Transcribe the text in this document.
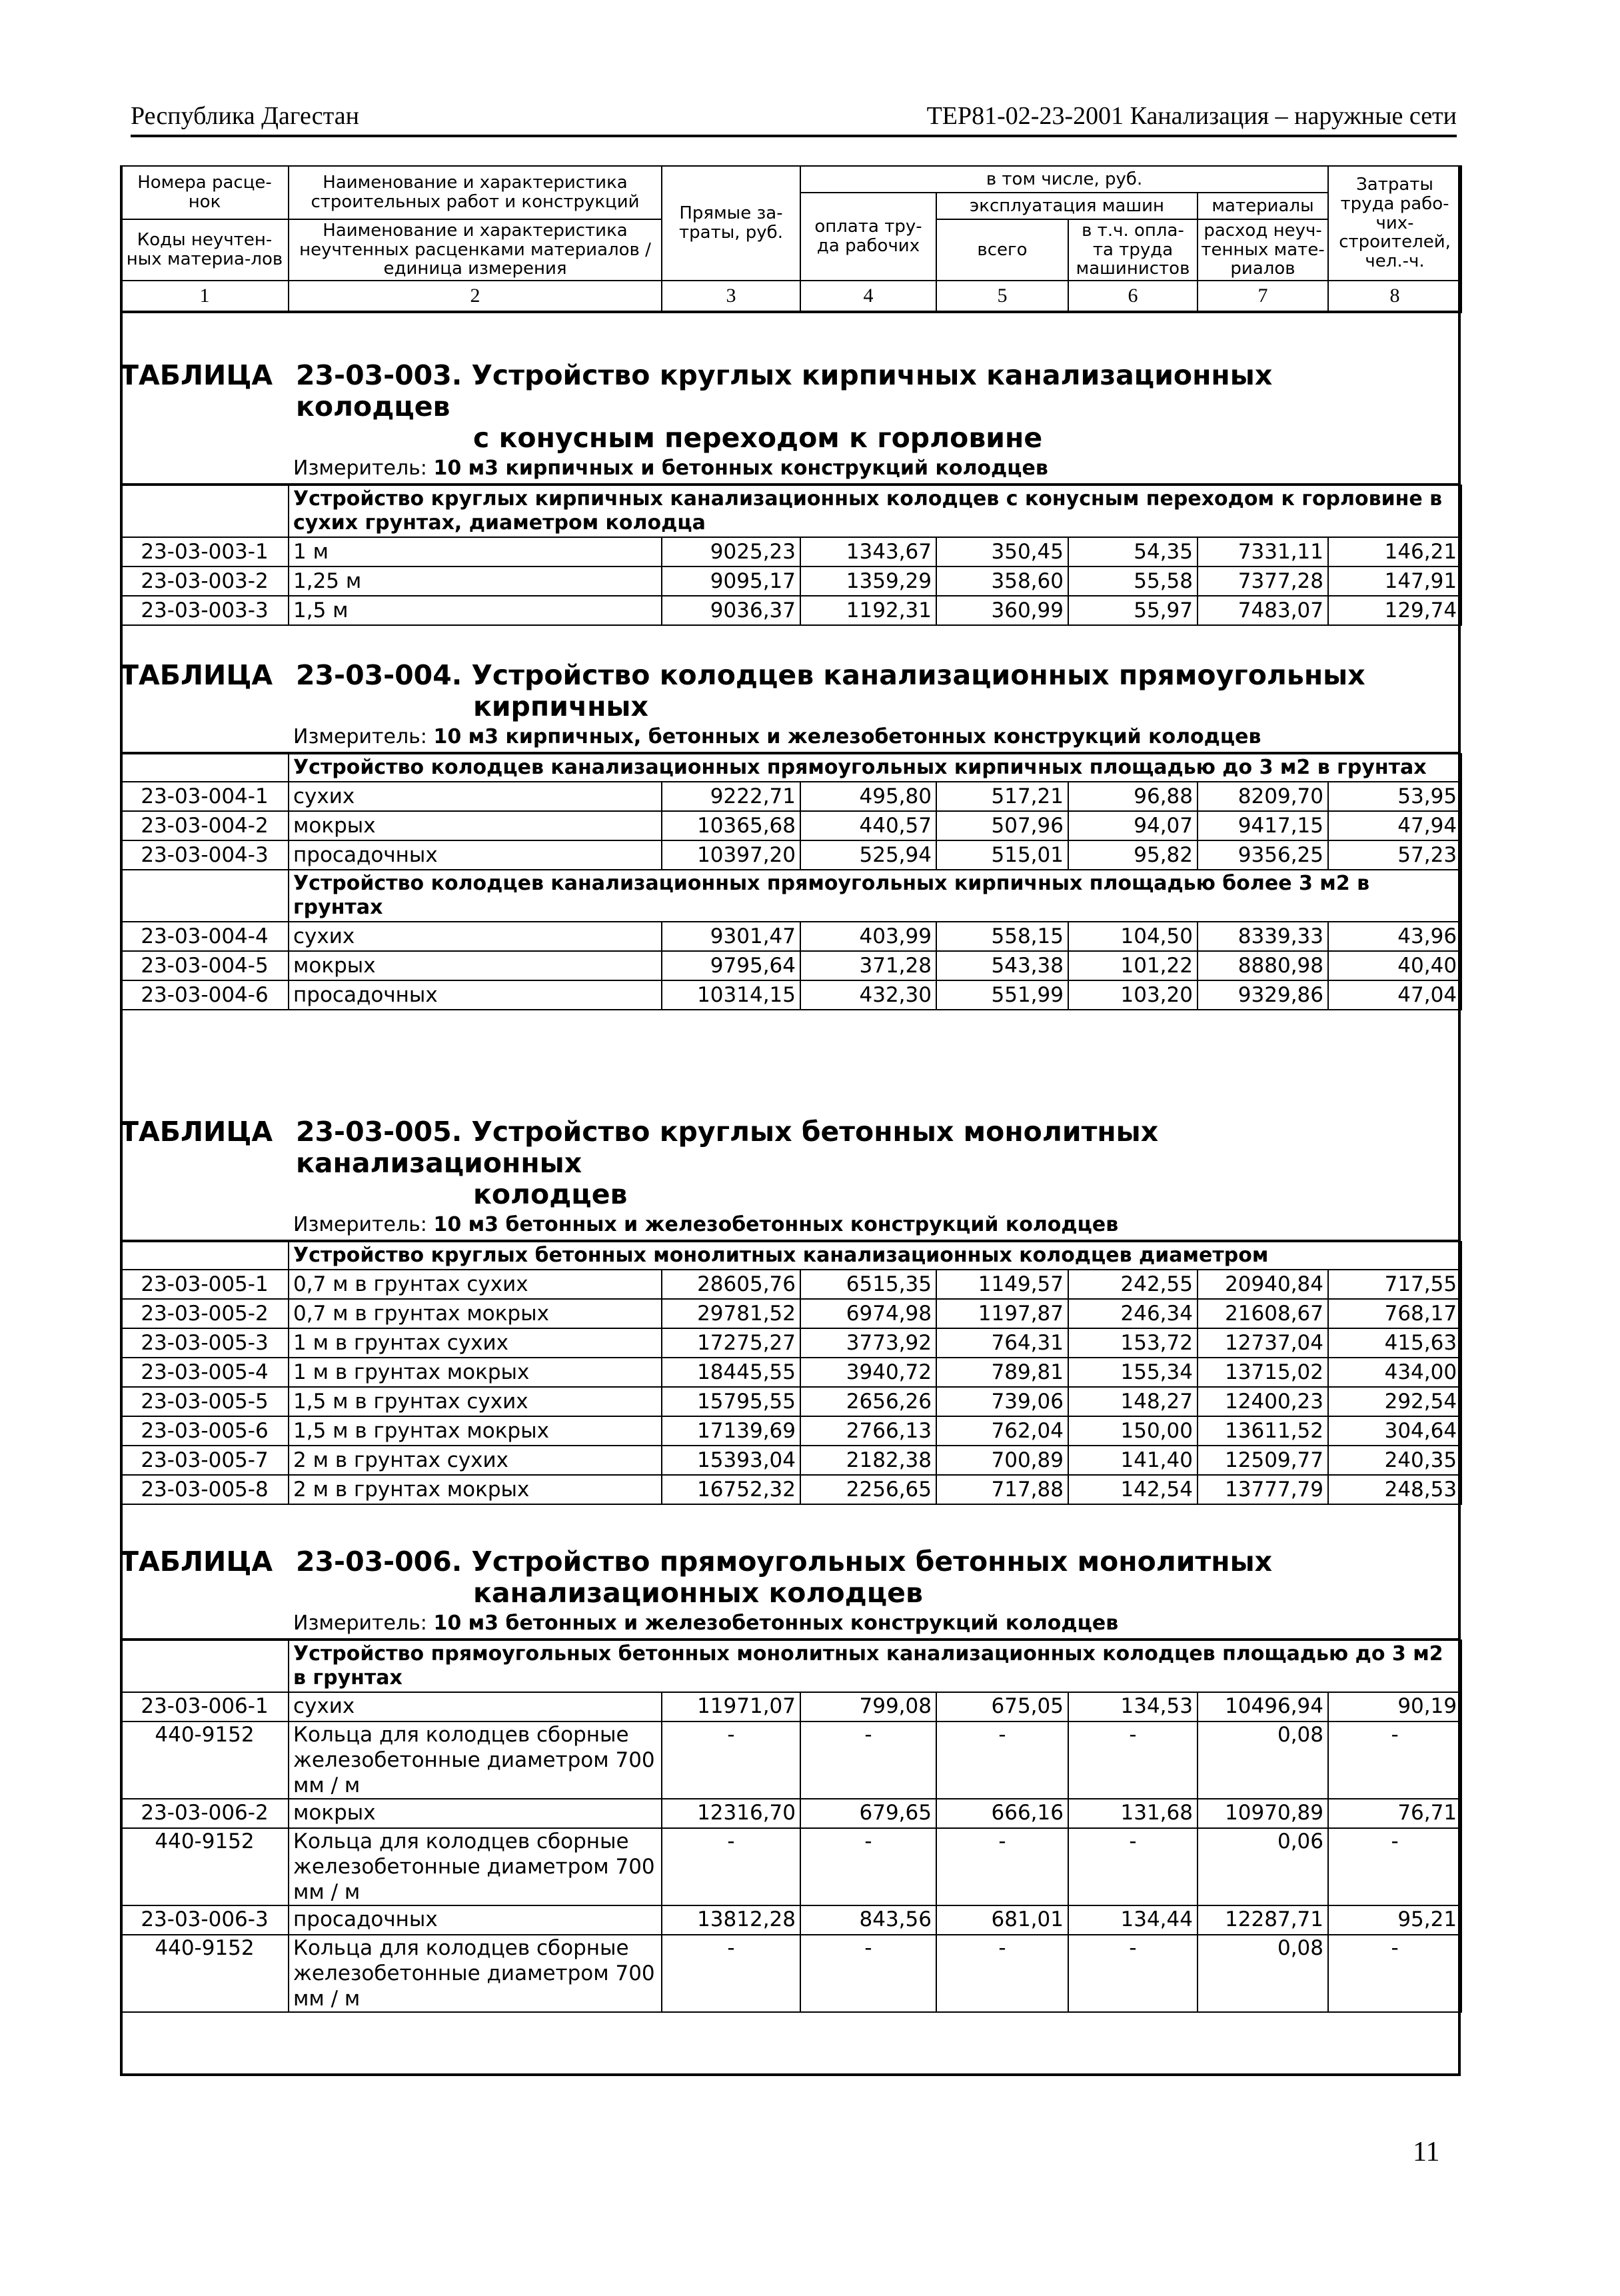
Республика Дагестан	ТЕР81-02-23-2001 Канализация – наружные сети
Номера расце-нок	Наименование и характеристика строительных работ и конструкций	Прямые за-траты, руб.	в том числе, руб.				Затраты труда рабо-чих-строителей, чел.-ч.
			оплата тру-да рабочих	эксплуатация машин		материалы	
Коды неучтен-ных материа-лов	Наименование и характеристика неучтенных расценками материалов / единица измерения			всего	в т.ч. опла-та труда машинистов	расход неуч-тенных мате-риалов	

1	2	3	4	5	6	7	8
ТАБЛИЦА 23-03-003. Устройство круглых кирпичных канализационных колодцев
с конусным переходом к горловине
Измеритель: 10 м3 кирпичных и бетонных конструкций колодцев
	Устройство круглых кирпичных канализационных колодцев с конусным переходом к горловине в сухих грунтах, диаметром колодца						
23-03-003-1	1 м	9025,23	1343,67	350,45	54,35	7331,11	146,21
23-03-003-2	1,25 м	9095,17	1359,29	358,60	55,58	7377,28	147,91
23-03-003-3	1,5 м	9036,37	1192,31	360,99	55,97	7483,07	129,74
ТАБЛИЦА 23-03-004. Устройство колодцев канализационных прямоугольных
кирпичных
Измеритель: 10 м3 кирпичных, бетонных и железобетонных конструкций колодцев
	Устройство колодцев канализационных прямоугольных кирпичных площадью до 3 м2 в грунтах						
23-03-004-1	сухих	9222,71	495,80	517,21	96,88	8209,70	53,95
23-03-004-2	мокрых	10365,68	440,57	507,96	94,07	9417,15	47,94
23-03-004-3	просадочных	10397,20	525,94	515,01	95,82	9356,25	57,23
	Устройство колодцев канализационных прямоугольных кирпичных площадью более 3 м2 в грунтах						
23-03-004-4	сухих	9301,47	403,99	558,15	104,50	8339,33	43,96
23-03-004-5	мокрых	9795,64	371,28	543,38	101,22	8880,98	40,40
23-03-004-6	просадочных	10314,15	432,30	551,99	103,20	9329,86	47,04
ТАБЛИЦА 23-03-005. Устройство круглых бетонных монолитных канализационных
колодцев
Измеритель: 10 м3 бетонных и железобетонных конструкций колодцев
	Устройство круглых бетонных монолитных канализационных колодцев диаметром						
23-03-005-1	0,7 м в грунтах сухих	28605,76	6515,35	1149,57	242,55	20940,84	717,55
23-03-005-2	0,7 м в грунтах мокрых	29781,52	6974,98	1197,87	246,34	21608,67	768,17
23-03-005-3	1 м в грунтах сухих	17275,27	3773,92	764,31	153,72	12737,04	415,63
23-03-005-4	1 м в грунтах мокрых	18445,55	3940,72	789,81	155,34	13715,02	434,00
23-03-005-5	1,5 м в грунтах сухих	15795,55	2656,26	739,06	148,27	12400,23	292,54
23-03-005-6	1,5 м в грунтах мокрых	17139,69	2766,13	762,04	150,00	13611,52	304,64
23-03-005-7	2 м в грунтах сухих	15393,04	2182,38	700,89	141,40	12509,77	240,35
23-03-005-8	2 м в грунтах мокрых	16752,32	2256,65	717,88	142,54	13777,79	248,53
ТАБЛИЦА 23-03-006. Устройство прямоугольных бетонных монолитных
канализационных колодцев
Измеритель: 10 м3 бетонных и железобетонных конструкций колодцев
	Устройство прямоугольных бетонных монолитных канализационных колодцев площадью до 3 м2 в грунтах						
23-03-006-1	сухих	11971,07	799,08	675,05	134,53	10496,94	90,19
440-9152	Кольца для колодцев сборные железобетонные диаметром 700 мм / м	-	-	-	-	0,08	-
23-03-006-2	мокрых	12316,70	679,65	666,16	131,68	10970,89	76,71
440-9152	Кольца для колодцев сборные железобетонные диаметром 700 мм / м	-	-	-	-	0,06	-
23-03-006-3	просадочных	13812,28	843,56	681,01	134,44	12287,71	95,21
440-9152	Кольца для колодцев сборные железобетонные диаметром 700 мм / м	-	-	-	-	0,08	-
11
